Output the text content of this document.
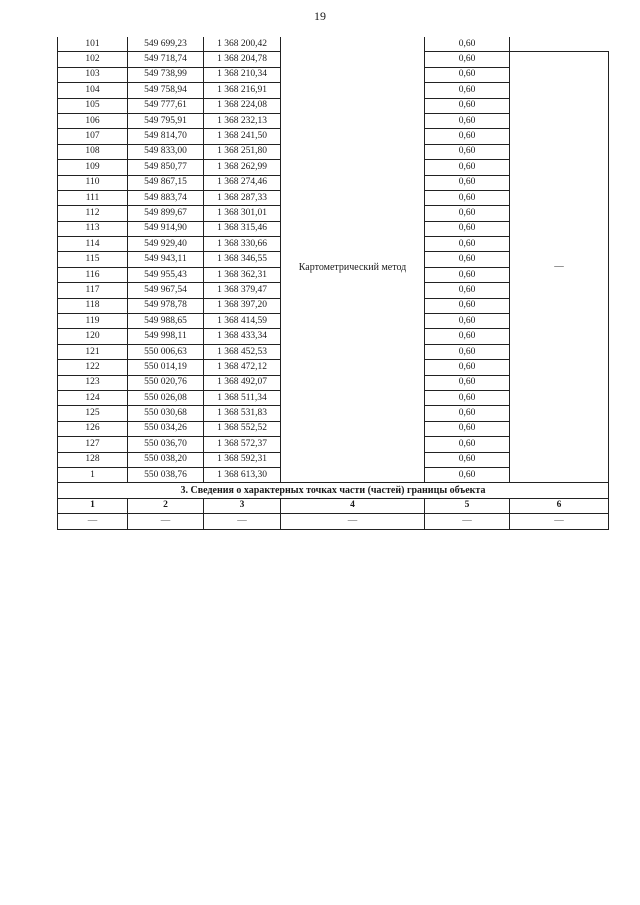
19
101	549 699,23	1 368 200,42		0,60	
102	549 718,74	1 368 204,78	Картометрический метод	0,60	—
103	549 738,99	1 368 210,34		0,60	
104	549 758,94	1 368 216,91		0,60	
105	549 777,61	1 368 224,08		0,60	
106	549 795,91	1 368 232,13		0,60	
107	549 814,70	1 368 241,50		0,60	
108	549 833,00	1 368 251,80		0,60	
109	549 850,77	1 368 262,99		0,60	
110	549 867,15	1 368 274,46		0,60	
111	549 883,74	1 368 287,33		0,60	
112	549 899,67	1 368 301,01		0,60	
113	549 914,90	1 368 315,46		0,60	
114	549 929,40	1 368 330,66		0,60	
115	549 943,11	1 368 346,55		0,60	
116	549 955,43	1 368 362,31		0,60	
117	549 967,54	1 368 379,47		0,60	
118	549 978,78	1 368 397,20		0,60	
119	549 988,65	1 368 414,59		0,60	
120	549 998,11	1 368 433,34		0,60	
121	550 006,63	1 368 452,53		0,60	
122	550 014,19	1 368 472,12		0,60	
123	550 020,76	1 368 492,07		0,60	
124	550 026,08	1 368 511,34		0,60	
125	550 030,68	1 368 531,83		0,60	
126	550 034,26	1 368 552,52		0,60	
127	550 036,70	1 368 572,37		0,60	
128	550 038,20	1 368 592,31		0,60	
1	550 038,76	1 368 613,30		0,60	
3. Сведения о характерных точках части (частей) границы объекта					
1	2	3	4	5	6
—	—	—	—	—	—
